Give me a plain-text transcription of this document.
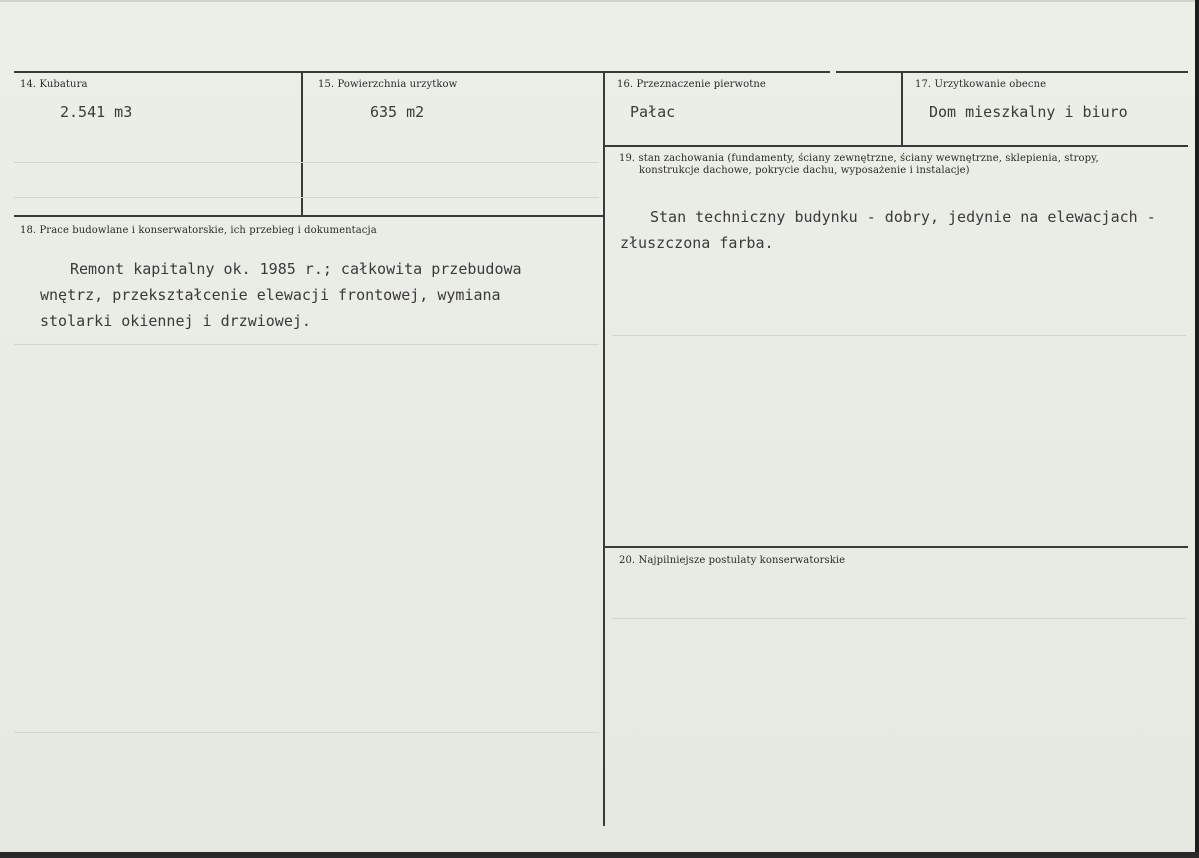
14. Kubatura
2.541 m3
15. Powierzchnia urzytkow
635 m2
16. Przeznaczenie pierwotne
Pałac
17. Urzytkowanie obecne
Dom mieszkalny i biuro
18. Prace budowlane i konserwatorskie, ich przebieg i dokumentacja
Remont kapitalny ok. 1985 r.; całkowita przebudowa
wnętrz, przekształcenie elewacji frontowej, wymiana
stolarki okiennej i drzwiowej.
19. stan zachowania (fundamenty, ściany zewnętrzne, ściany wewnętrzne, sklepienia, stropy,
konstrukcje dachowe, pokrycie dachu, wyposażenie i instalacje)
Stan techniczny budynku - dobry, jedynie na elewacjach -
złuszczona farba.
20. Najpilniejsze postulaty konserwatorskie
